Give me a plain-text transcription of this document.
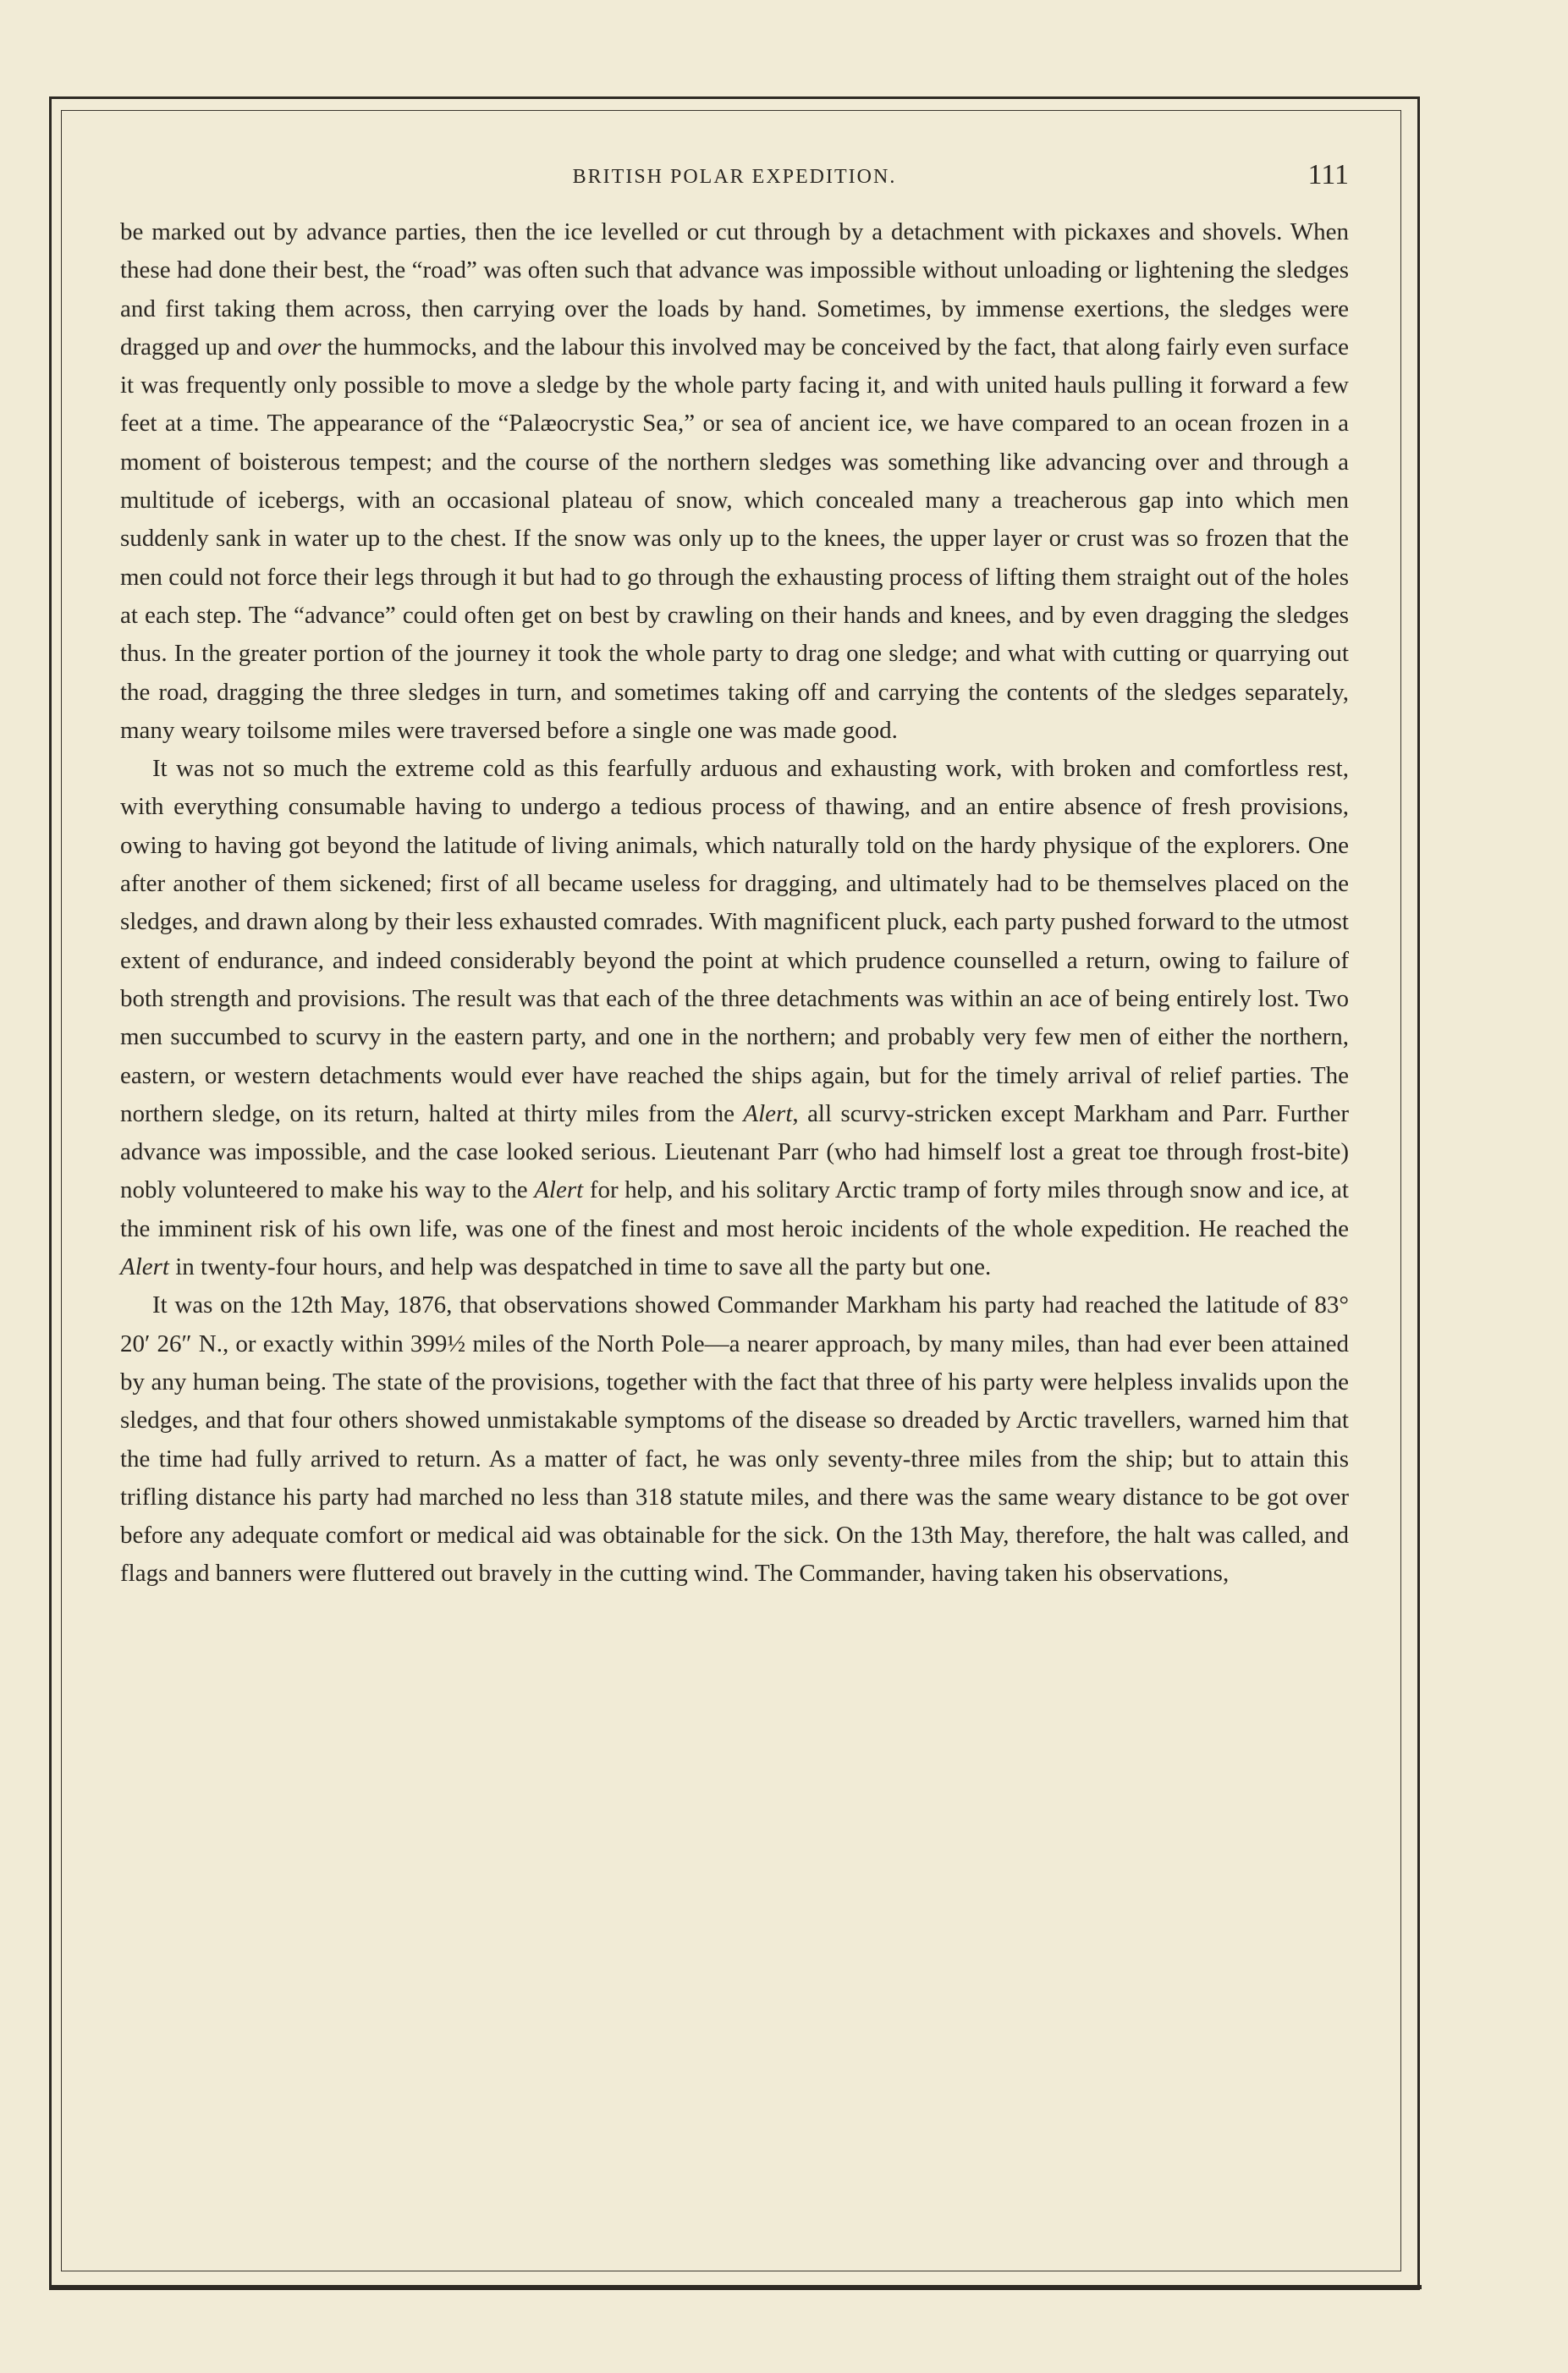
BRITISH POLAR EXPEDITION.	111

be marked out by advance parties, then the ice levelled or cut through by a detachment with pickaxes and shovels. When these had done their best, the “road” was often such that advance was impossible without unloading or lightening the sledges and first taking them across, then carrying over the loads by hand. Sometimes, by immense exertions, the sledges were dragged up and over the hummocks, and the labour this involved may be conceived by the fact, that along fairly even surface it was frequently only possible to move a sledge by the whole party facing it, and with united hauls pulling it forward a few feet at a time. The appearance of the “Palæocrystic Sea,” or sea of ancient ice, we have compared to an ocean frozen in a moment of boisterous tempest; and the course of the northern sledges was something like advancing over and through a multitude of icebergs, with an occasional plateau of snow, which concealed many a treacherous gap into which men suddenly sank in water up to the chest. If the snow was only up to the knees, the upper layer or crust was so frozen that the men could not force their legs through it but had to go through the exhausting process of lifting them straight out of the holes at each step. The “advance” could often get on best by crawling on their hands and knees, and by even dragging the sledges thus. In the greater portion of the journey it took the whole party to drag one sledge; and what with cutting or quarrying out the road, dragging the three sledges in turn, and sometimes taking off and carrying the contents of the sledges separately, many weary toilsome miles were traversed before a single one was made good.

It was not so much the extreme cold as this fearfully arduous and exhausting work, with broken and comfortless rest, with everything consumable having to undergo a tedious process of thawing, and an entire absence of fresh provisions, owing to having got beyond the latitude of living animals, which naturally told on the hardy physique of the explorers. One after another of them sickened; first of all became useless for dragging, and ultimately had to be themselves placed on the sledges, and drawn along by their less exhausted comrades. With magnificent pluck, each party pushed forward to the utmost extent of endurance, and indeed considerably beyond the point at which prudence counselled a return, owing to failure of both strength and provisions. The result was that each of the three detachments was within an ace of being entirely lost. Two men succumbed to scurvy in the eastern party, and one in the northern; and probably very few men of either the northern, eastern, or western detachments would ever have reached the ships again, but for the timely arrival of relief parties. The northern sledge, on its return, halted at thirty miles from the Alert, all scurvy-stricken except Markham and Parr. Further advance was impossible, and the case looked serious. Lieutenant Parr (who had himself lost a great toe through frost-bite) nobly volunteered to make his way to the Alert for help, and his solitary Arctic tramp of forty miles through snow and ice, at the imminent risk of his own life, was one of the finest and most heroic incidents of the whole expedition. He reached the Alert in twenty-four hours, and help was despatched in time to save all the party but one.

It was on the 12th May, 1876, that observations showed Commander Markham his party had reached the latitude of 83° 20′ 26″ N., or exactly within 399½ miles of the North Pole—a nearer approach, by many miles, than had ever been attained by any human being. The state of the provisions, together with the fact that three of his party were helpless invalids upon the sledges, and that four others showed unmistakable symptoms of the disease so dreaded by Arctic travellers, warned him that the time had fully arrived to return. As a matter of fact, he was only seventy-three miles from the ship; but to attain this trifling distance his party had marched no less than 318 statute miles, and there was the same weary distance to be got over before any adequate comfort or medical aid was obtainable for the sick. On the 13th May, therefore, the halt was called, and flags and banners were fluttered out bravely in the cutting wind. The Commander, having taken his observations,
